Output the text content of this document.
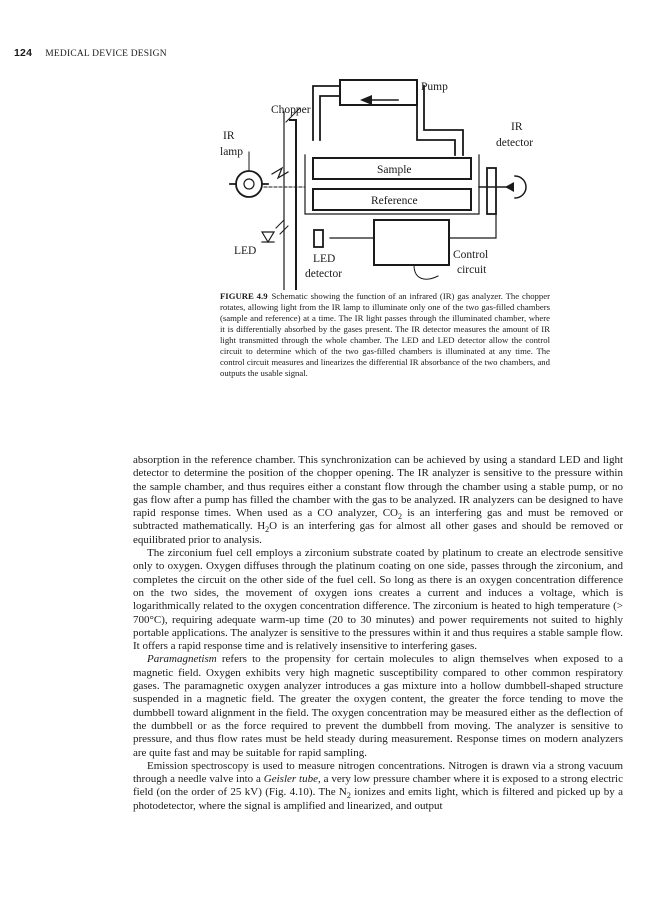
124 MEDICAL DEVICE DESIGN
Pump
Chopper
IR
lamp
IR
detector
Sample
Reference
LED
LED
detector
Control
circuit
FIGURE 4.9 Schematic showing the function of an infrared (IR) gas analyzer. The chopper rotates, allowing light from the IR lamp to illuminate only one of the two gas-filled chambers (sample and reference) at a time. The IR light passes through the illuminated chamber, where it is differentially absorbed by the gases present. The IR detector measures the amount of IR light transmitted through the whole chamber. The LED and LED detector allow the control circuit to determine which of the two gas-filled chambers is illuminated at any time. The control circuit measures and linearizes the differential IR absorbance of the two chambers, and outputs the usable signal.

absorption in the reference chamber. This synchronization can be achieved by using a standard LED and light detector to determine the position of the chopper opening. The IR analyzer is sensitive to the pressure within the sample chamber, and thus requires either a constant flow through the chamber using a stable pump, or no gas flow after a pump has filled the chamber with the gas to be analyzed. IR analyzers can be designed to have rapid response times. When used as a CO analyzer, $CO_2$ is an interfering gas and must be removed or subtracted mathematically. $H_2O$ is an interfering gas for almost all other gases and should be removed or equilibrated prior to analysis.

The zirconium fuel cell employs a zirconium substrate coated by platinum to create an electrode sensitive only to oxygen. Oxygen diffuses through the platinum coating on one side, passes through the zirconium, and completes the circuit on the other side of the fuel cell. So long as there is an oxygen concentration difference on the two sides, the movement of oxygen ions creates a current and induces a voltage, which is logarithmically related to the oxygen concentration difference. The zirconium is heated to high temperature (> 700°C), requiring adequate warm-up time (20 to 30 minutes) and power requirements not suited to highly portable applications. The analyzer is sensitive to the pressures within it and thus requires a stable sample flow. It offers a rapid response time and is relatively insensitive to interfering gases.

Paramagnetism refers to the propensity for certain molecules to align themselves when exposed to a magnetic field. Oxygen exhibits very high magnetic susceptibility compared to other common respiratory gases. The paramagnetic oxygen analyzer introduces a gas mixture into a hollow dumbbell-shaped structure suspended in a magnetic field. The greater the oxygen content, the greater the force tending to move the dumbbell toward alignment in the field. The oxygen concentration may be measured either as the deflection of the dumbbell or as the force required to prevent the dumbbell from moving. The analyzer is sensitive to pressure, and thus flow rates must be held steady during measurement. Response times on modern analyzers are quite fast and may be suitable for rapid sampling.

Emission spectroscopy is used to measure nitrogen concentrations. Nitrogen is drawn via a strong vacuum through a needle valve into a Geisler tube, a very low pressure chamber where it is exposed to a strong electric field (on the order of 25 kV) (Fig. 4.10). The $N_2$ ionizes and emits light, which is filtered and picked up by a photodetector, where the signal is amplified and linearized, and output
